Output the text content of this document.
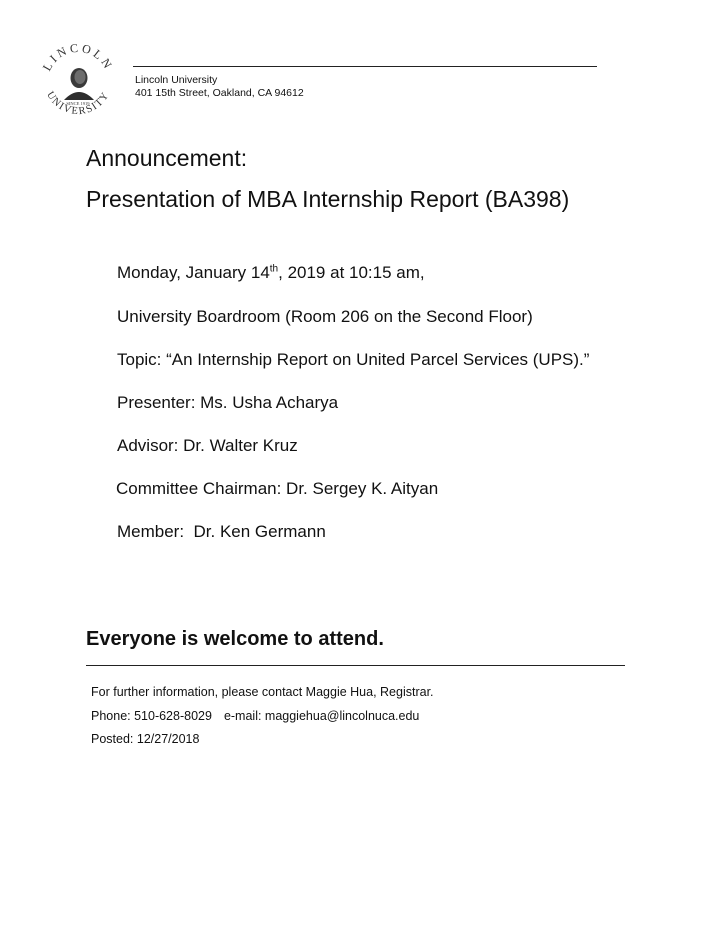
LINCOLN
UNIVERSITY
SINCE 1919
Lincoln University
401 15th Street, Oakland, CA 94612
Announcement:
Presentation of MBA Internship Report (BA398)
Monday, January 14th, 2019 at 10:15 am,
University Boardroom (Room 206 on the Second Floor)
Topic: “An Internship Report on United Parcel Services (UPS).”
Presenter: Ms. Usha Acharya
Advisor: Dr. Walter Kruz
Committee Chairman: Dr. Sergey K. Aityan
Member:  Dr. Ken Germann
Everyone is welcome to attend.
For further information, please contact Maggie Hua, Registrar.
Phone: 510-628-8029 e-mail: maggiehua@lincolnuca.edu
Posted: 12/27/2018
